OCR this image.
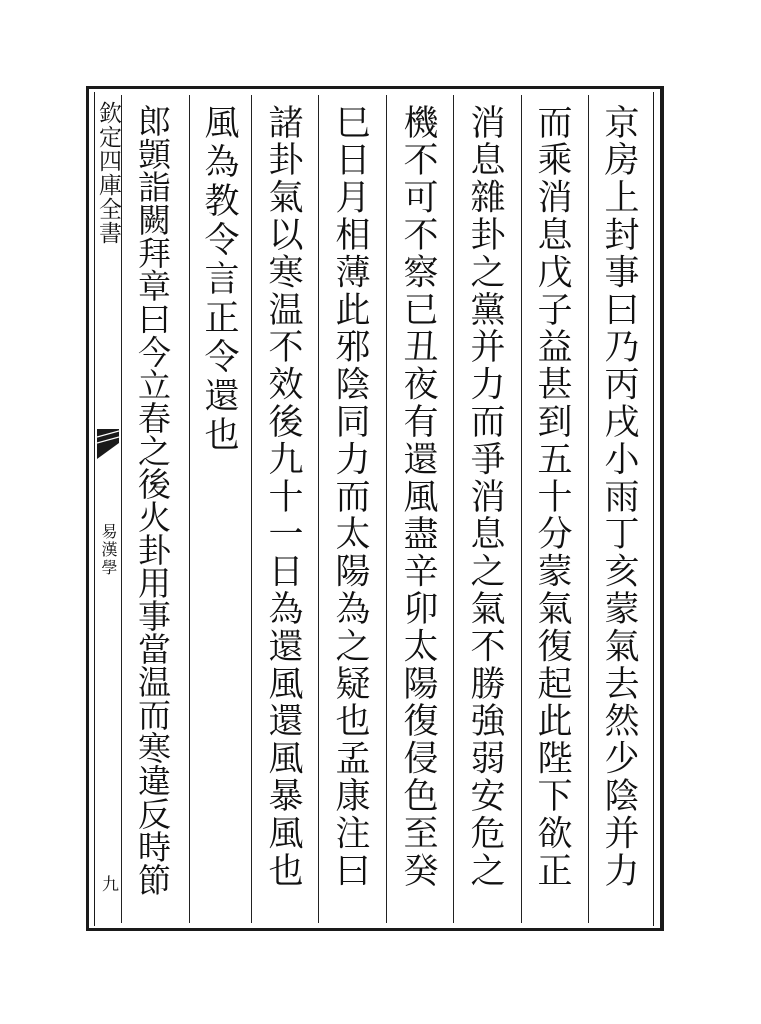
欽定四庫全書
易漢學
九	京房上封事曰乃丙戌小雨丁亥蒙氣去然少陰并力
而乘消息戊子益甚到五十分蒙氣復起此陛下欲正
消息雜卦之黨并力而爭消息之氣不勝強弱安危之
機不可不察已丑夜有還風盡辛卯太陽復侵色至癸
巳日月相薄此邪陰同力而太陽為之疑也孟康注曰
諸卦氣以寒温不效後九十一日為還風還風暴風也
風為教令言正令還也
郎顗詣闕拜章曰今立春之後火卦用事當温而寒違反時節
